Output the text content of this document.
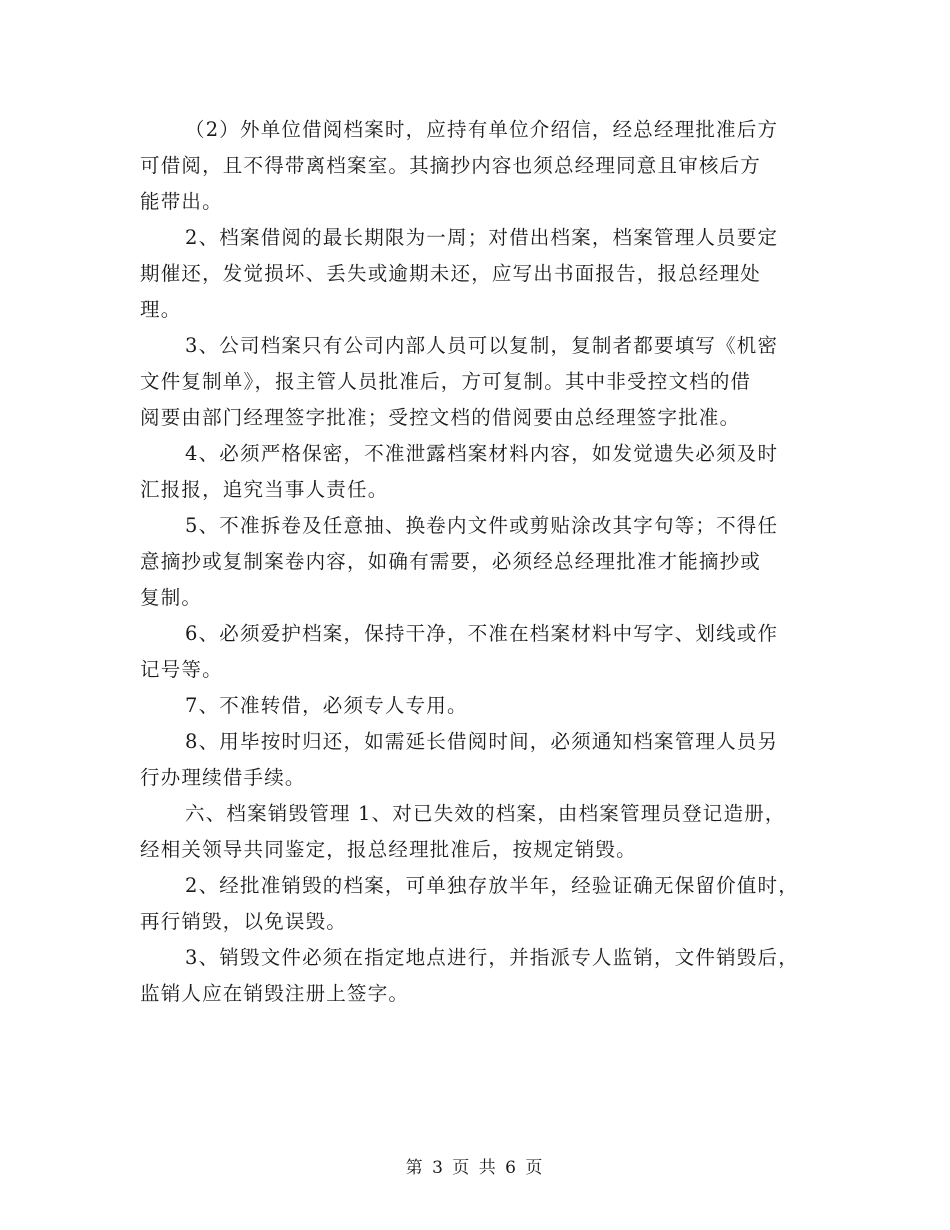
（2）外单位借阅档案时，应持有单位介绍信，经总经理批准后方
可借阅，且不得带离档案室。其摘抄内容也须总经理同意且审核后方
能带出。
2、档案借阅的最长期限为一周；对借出档案，档案管理人员要定
期催还，发觉损坏、丢失或逾期未还，应写出书面报告，报总经理处
理。
3、公司档案只有公司内部人员可以复制，复制者都要填写《机密
文件复制单》，报主管人员批准后，方可复制。其中非受控文档的借
阅要由部门经理签字批准；受控文档的借阅要由总经理签字批准。
4、必须严格保密，不准泄露档案材料内容，如发觉遗失必须及时
汇报报，追究当事人责任。
5、不准拆卷及任意抽、换卷内文件或剪贴涂改其字句等；不得任
意摘抄或复制案卷内容，如确有需要，必须经总经理批准才能摘抄或
复制。
6、必须爱护档案，保持干净，不准在档案材料中写字、划线或作
记号等。
7、不准转借，必须专人专用。
8、用毕按时归还，如需延长借阅时间，必须通知档案管理人员另
行办理续借手续。
六、档案销毁管理 1、对已失效的档案，由档案管理员登记造册，
经相关领导共同鉴定，报总经理批准后，按规定销毁。
2、经批准销毁的档案，可单独存放半年，经验证确无保留价值时，
再行销毁，以免误毁。
3、销毁文件必须在指定地点进行，并指派专人监销，文件销毁后，
监销人应在销毁注册上签字。
第 3 页 共 6 页
